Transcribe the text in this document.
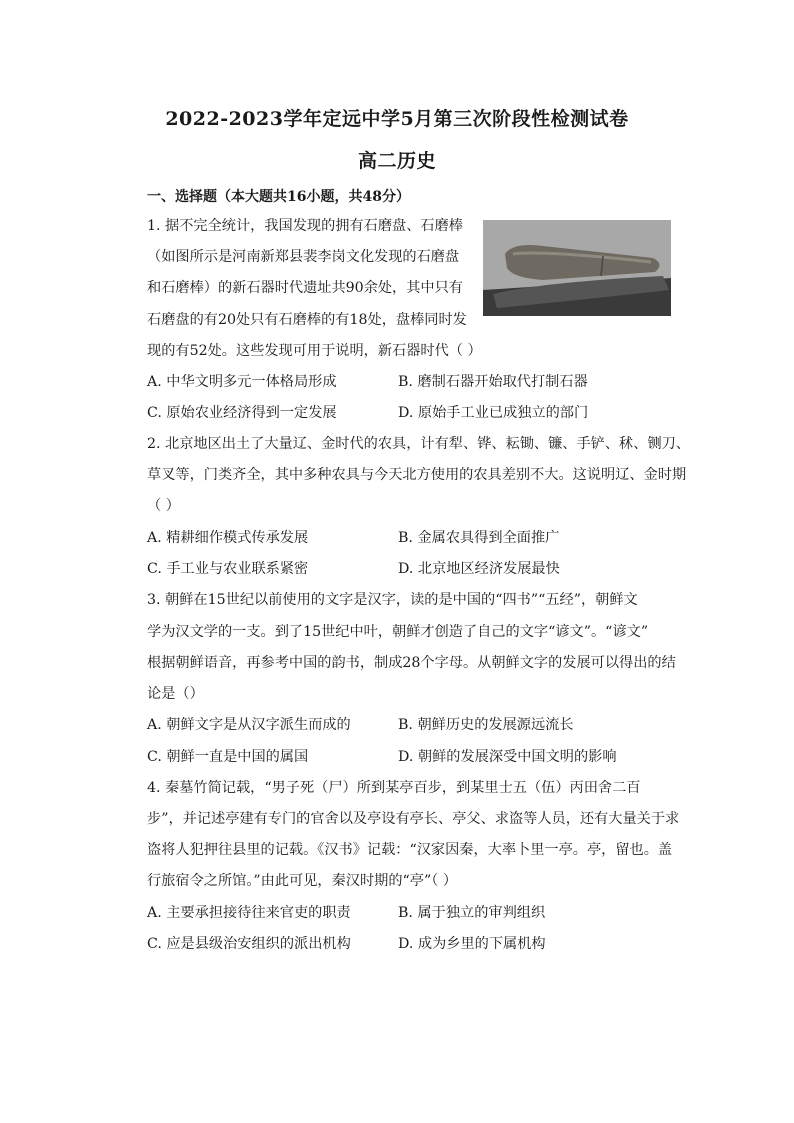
2022-2023学年定远中学5月第三次阶段性检测试卷
高二历史
一、选择题（本大题共16小题，共48分）
1. 据不完全统计，我国发现的拥有石磨盘、石磨棒
（如图所示是河南新郑县裴李岗文化发现的石磨盘
和石磨棒）的新石器时代遗址共90余处，其中只有
石磨盘的有20处只有石磨棒的有18处，盘棒同时发
现的有52处。这些发现可用于说明，新石器时代（ ）
A. 中华文明多元一体格局形成	B. 磨制石器开始取代打制石器
C. 原始农业经济得到一定发展	D. 原始手工业已成独立的部门
2. 北京地区出土了大量辽、金时代的农具，计有犁、铧、耘锄、镰、手铲、秫、铡刀、
草叉等，门类齐全，其中多种农具与今天北方使用的农具差别不大。这说明辽、金时期
（ ）
A. 精耕细作模式传承发展	B. 金属农具得到全面推广
C. 手工业与农业联系紧密	D. 北京地区经济发展最快
3. 朝鲜在15世纪以前使用的文字是汉字，读的是中国的“四书”“五经”，朝鲜文
学为汉文学的一支。到了15世纪中叶，朝鲜才创造了自己的文字“谚文”。“谚文”
根据朝鲜语音，再参考中国的韵书，制成28个字母。从朝鲜文字的发展可以得出的结
论是（）
A. 朝鲜文字是从汉字派生而成的	B. 朝鲜历史的发展源远流长
C. 朝鲜一直是中国的属国	D. 朝鲜的发展深受中国文明的影响
4. 秦墓竹简记载，“男子死（尸）所到某亭百步，到某里士五（伍）丙田舍二百
步”，并记述亭建有专门的官舍以及亭设有亭长、亭父、求盗等人员，还有大量关于求
盗将人犯押往县里的记载。《汉书》记载：“汉家因秦，大率卜里一亭。亭，留也。盖
行旅宿令之所馆。”由此可见，秦汉时期的“亭”（ ）
A. 主要承担接待往来官吏的职责	B. 属于独立的审判组织
C. 应是县级治安组织的派出机构	D. 成为乡里的下属机构
